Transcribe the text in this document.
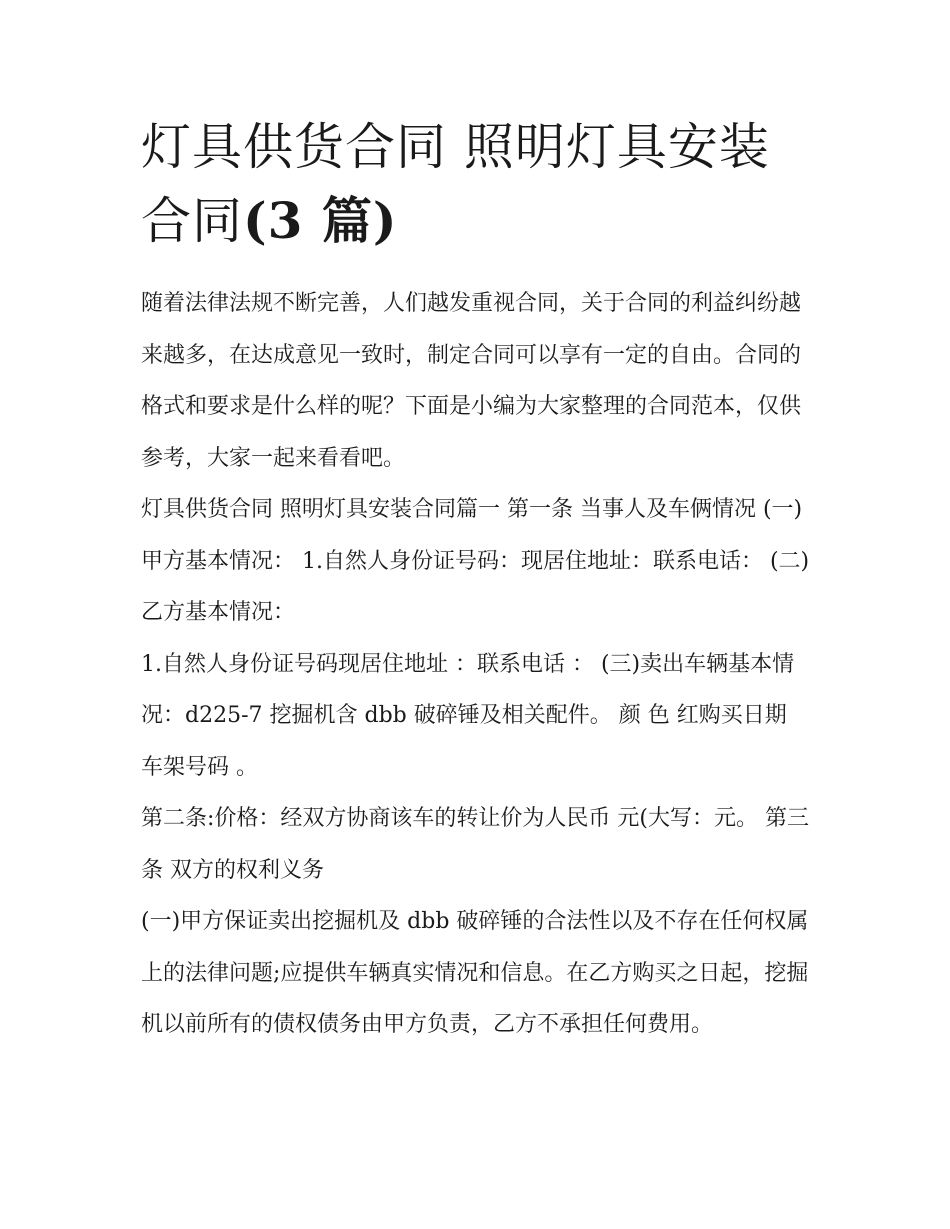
灯具供货合同 照明灯具安装合同(3 篇)

随着法律法规不断完善，人们越发重视合同，关于合同的利益纠纷越来越多，在达成意见一致时，制定合同可以享有一定的自由。合同的格式和要求是什么样的呢？下面是小编为大家整理的合同范本，仅供参考，大家一起来看看吧。

灯具供货合同 照明灯具安装合同篇一 第一条 当事人及车俩情况 (一)甲方基本情况： 1.自然人身份证号码：现居住地址：联系电话： (二)乙方基本情况：

1.自然人身份证号码现居住地址 ：联系电话 ： (三)卖出车辆基本情况：d225-7 挖掘机含 dbb 破碎锤及相关配件。 颜 色 红购买日期 车架号码 。

第二条:价格：经双方协商该车的转让价为人民币 元(大写：元。 第三条 双方的权利义务

(一)甲方保证卖出挖掘机及 dbb 破碎锤的合法性以及不存在任何权属上的法律问题;应提供车辆真实情况和信息。在乙方购买之日起，挖掘机以前所有的债权债务由甲方负责，乙方不承担任何费用。
